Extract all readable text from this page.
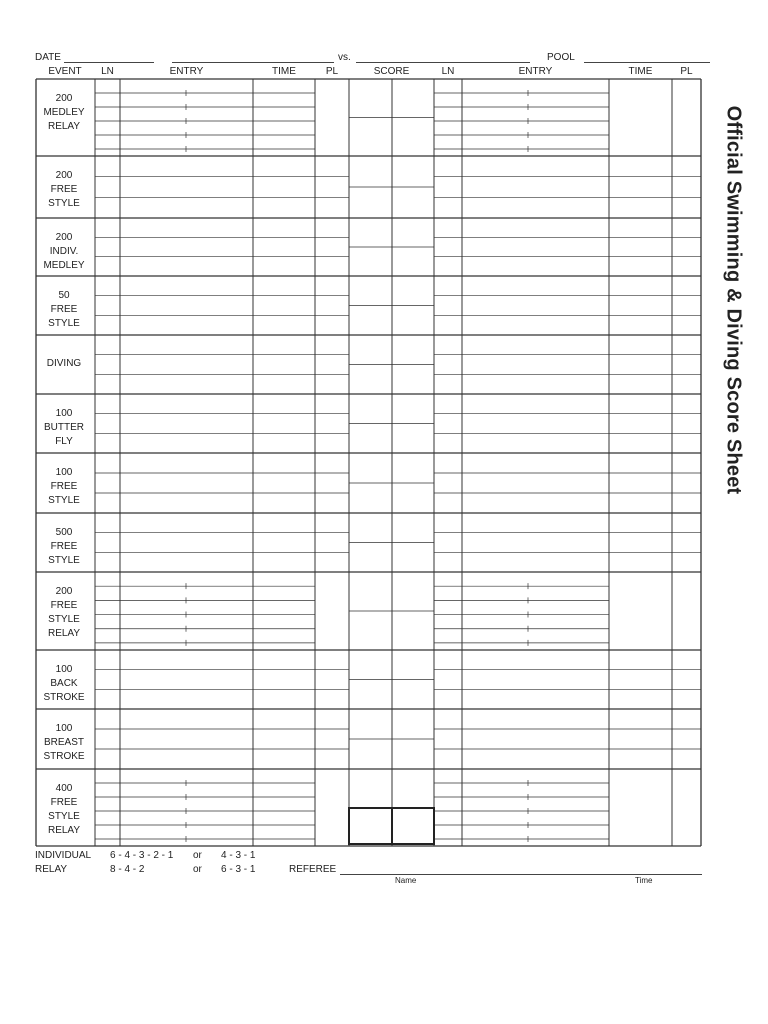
DATE	vs.	POOL
EVENT	LN	ENTRY	TIME	PL	SCORE	LN	ENTRY	TIME	PL
200
MEDLEY
RELAY
200
FREE
STYLE
200
INDIV.
MEDLEY
50
FREE
STYLE
DIVING
100
BUTTER
FLY
100
FREE
STYLE
500
FREE
STYLE
200
FREE
STYLE
RELAY
100
BACK
STROKE
100
BREAST
STROKE
400
FREE
STYLE
RELAY
Official Swimming & Diving Score Sheet
INDIVIDUAL 6 - 4 - 3 - 2 - 1 or 4 - 3 - 1
RELAY	8 - 4 - 2	or 6 - 3 - 1	REFEREE
Name	Time
